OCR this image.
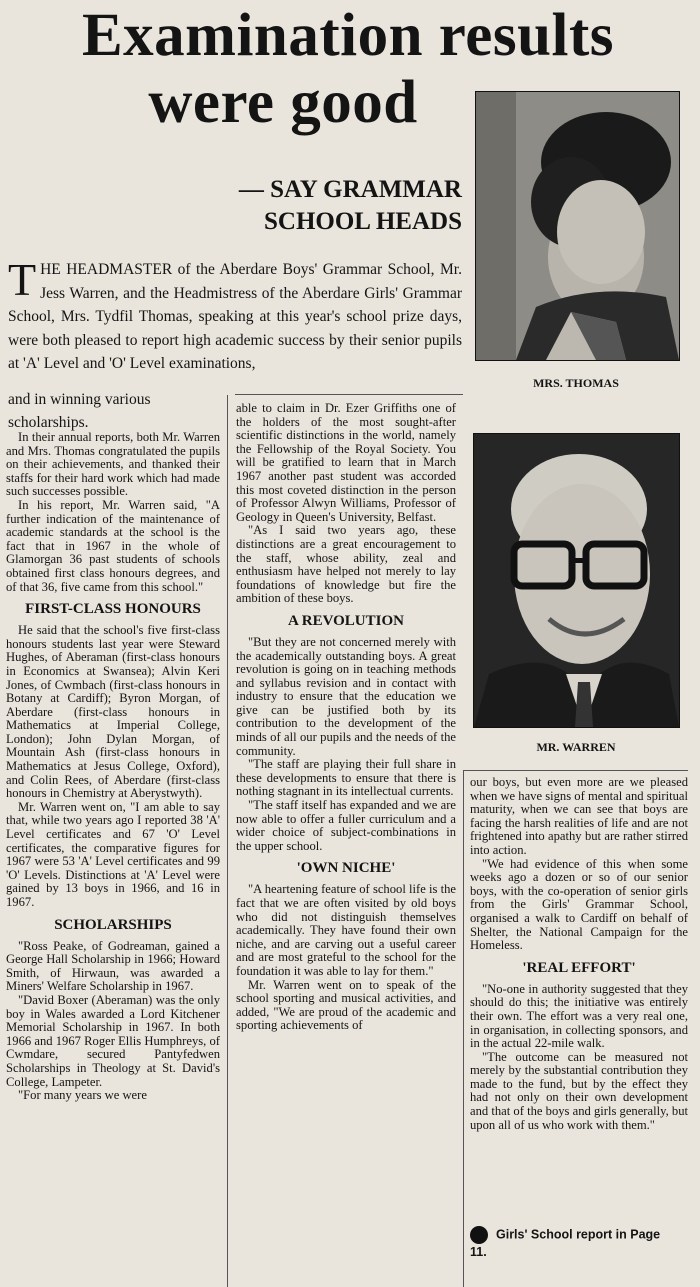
Examination results
were good
— SAY GRAMMAR
SCHOOL HEADS
MRS. THOMAS
MR. WARREN
THE HEADMASTER of the Aberdare Boys' Grammar School, Mr. Jess Warren, and the Headmistress of the Aberdare Girls' Grammar School, Mrs. Tydfil Thomas, speaking at this year's school prize days, were both pleased to report high academic success by their senior pupils at 'A' Level and 'O' Level examinations,
and in winning various scholarships.

In their annual reports, both Mr. Warren and Mrs. Thomas congratulated the pupils on their achievements, and thanked their staffs for their hard work which had made such successes possible.

In his report, Mr. Warren said, "A further indication of the maintenance of academic standards at the school is the fact that in 1967 in the whole of Glamorgan 36 past students of schools obtained first class honours degrees, and of that 36, five came from this school."

FIRST-CLASS HONOURS

He said that the school's five first-class honours students last year were Steward Hughes, of Aberaman (first-class honours in Economics at Swansea); Alvin Keri Jones, of Cwmbach (first-class honours in Botany at Cardiff); Byron Morgan, of Aberdare (first-class honours in Mathematics at Imperial College, London); John Dylan Morgan, of Mountain Ash (first-class honours in Mathematics at Jesus College, Oxford), and Colin Rees, of Aberdare (first-class honours in Chemistry at Aberystwyth).

Mr. Warren went on, "I am able to say that, while two years ago I reported 38 'A' Level certificates and 67 'O' Level certificates, the comparative figures for 1967 were 53 'A' Level certificates and 99 'O' Levels. Distinctions at 'A' Level were gained by 13 boys in 1966, and 16 in 1967.

SCHOLARSHIPS

"Ross Peake, of Godreaman, gained a George Hall Scholarship in 1966; Howard Smith, of Hirwaun, was awarded a Miners' Welfare Scholarship in 1967.

"David Boxer (Aberaman) was the only boy in Wales awarded a Lord Kitchener Memorial Scholarship in 1967. In both 1966 and 1967 Roger Ellis Humphreys, of Cwmdare, secured Pantyfedwen Scholarships in Theology at St. David's College, Lampeter.

"For many years we were

able to claim in Dr. Ezer Griffiths one of the holders of the most sought-after scientific distinctions in the world, namely the Fellowship of the Royal Society. You will be gratified to learn that in March 1967 another past student was accorded this most coveted distinction in the person of Professor Alwyn Williams, Professor of Geology in Queen's University, Belfast.

"As I said two years ago, these distinctions are a great encouragement to the staff, whose ability, zeal and enthusiasm have helped not merely to lay foundations of knowledge but fire the ambition of these boys.

A REVOLUTION

"But they are not concerned merely with the academically outstanding boys. A great revolution is going on in teaching methods and syllabus revision and in contact with industry to ensure that the education we give can be justified both by its contribution to the development of the minds of all our pupils and the needs of the community.

"The staff are playing their full share in these developments to ensure that there is nothing stagnant in its intellectual currents.

"The staff itself has expanded and we are now able to offer a fuller curriculum and a wider choice of subject-combinations in the upper school.

'OWN NICHE'

"A heartening feature of school life is the fact that we are often visited by old boys who did not distinguish themselves academically. They have found their own niche, and are carving out a useful career and are most grateful to the school for the foundation it was able to lay for them."

Mr. Warren went on to speak of the school sporting and musical activities, and added, "We are proud of the academic and sporting achievements of

our boys, but even more are we pleased when we have signs of mental and spiritual maturity, when we can see that boys are facing the harsh realities of life and are not frightened into apathy but are rather stirred into action.

"We had evidence of this when some weeks ago a dozen or so of our senior boys, with the co-operation of senior girls from the Girls' Grammar School, organised a walk to Cardiff on behalf of Shelter, the National Campaign for the Homeless.

'REAL EFFORT'

"No-one in authority suggested that they should do this; the initiative was entirely their own. The effort was a very real one, in organisation, in collecting sponsors, and in the actual 22-mile walk.

"The outcome can be measured not merely by the substantial contribution they made to the fund, but by the effect they had not only on their own development and that of the boys and girls generally, but upon all of us who work with them."

Girls' School report in Page 11.
